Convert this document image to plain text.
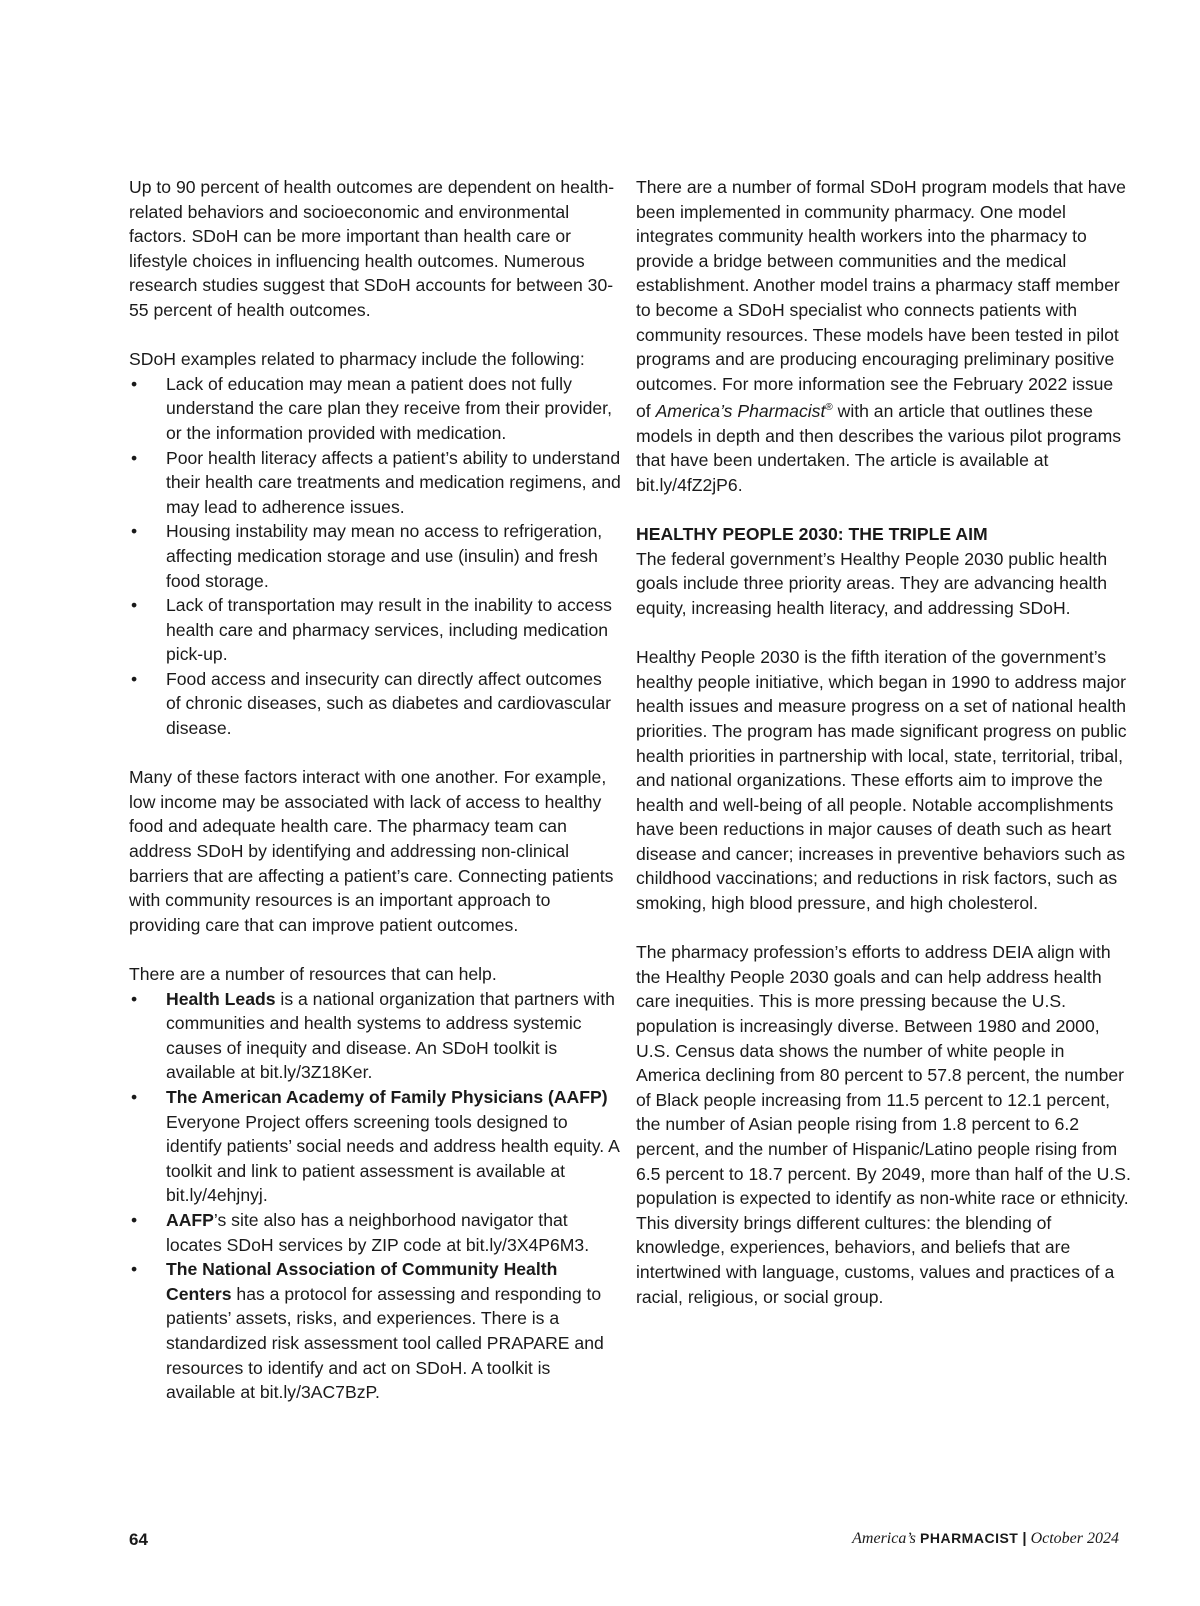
Up to 90 percent of health outcomes are dependent on health-related behaviors and socioeconomic and environmental factors. SDoH can be more important than health care or lifestyle choices in influencing health outcomes. Numerous research studies suggest that SDoH accounts for between 30-55 percent of health outcomes.

SDoH examples related to pharmacy include the following:

• Lack of education may mean a patient does not fully understand the care plan they receive from their provider, or the information provided with medication.
• Poor health literacy affects a patient’s ability to understand their health care treatments and medication regimens, and may lead to adherence issues.
• Housing instability may mean no access to refrigeration, affecting medication storage and use (insulin) and fresh food storage.
• Lack of transportation may result in the inability to access health care and pharmacy services, including medication pick-up.
• Food access and insecurity can directly affect outcomes of chronic diseases, such as diabetes and cardiovascular disease.

Many of these factors interact with one another. For example, low income may be associated with lack of access to healthy food and adequate health care. The pharmacy team can address SDoH by identifying and addressing non-clinical barriers that are affecting a patient’s care. Connecting patients with community resources is an important approach to providing care that can improve patient outcomes.

There are a number of resources that can help.

• Health Leads is a national organization that partners with communities and health systems to address systemic causes of inequity and disease. An SDoH toolkit is available at bit.ly/3Z18Ker.
• The American Academy of Family Physicians (AAFP) Everyone Project offers screening tools designed to identify patients’ social needs and address health equity. A toolkit and link to patient assessment is available at bit.ly/4ehjnyj.
• AAFP’s site also has a neighborhood navigator that locates SDoH services by ZIP code at bit.ly/3X4P6M3.
• The National Association of Community Health Centers has a protocol for assessing and responding to patients’ assets, risks, and experiences. There is a standardized risk assessment tool called PRAPARE and resources to identify and act on SDoH. A toolkit is available at bit.ly/3AC7BzP.

There are a number of formal SDoH program models that have been implemented in community pharmacy. One model integrates community health workers into the pharmacy to provide a bridge between communities and the medical establishment. Another model trains a pharmacy staff member to become a SDoH specialist who connects patients with community resources. These models have been tested in pilot programs and are producing encouraging preliminary positive outcomes. For more information see the February 2022 issue of America’s Pharmacist® with an article that outlines these models in depth and then describes the various pilot programs that have been undertaken. The article is available at bit.ly/4fZ2jP6.

HEALTHY PEOPLE 2030: THE TRIPLE AIM

The federal government’s Healthy People 2030 public health goals include three priority areas. They are advancing health equity, increasing health literacy, and addressing SDoH.

Healthy People 2030 is the fifth iteration of the government’s healthy people initiative, which began in 1990 to address major health issues and measure progress on a set of national health priorities. The program has made significant progress on public health priorities in partnership with local, state, territorial, tribal, and national organizations. These efforts aim to improve the health and well-being of all people. Notable accomplishments have been reductions in major causes of death such as heart disease and cancer; increases in preventive behaviors such as childhood vaccinations; and reductions in risk factors, such as smoking, high blood pressure, and high cholesterol.

The pharmacy profession’s efforts to address DEIA align with the Healthy People 2030 goals and can help address health care inequities. This is more pressing because the U.S. population is increasingly diverse. Between 1980 and 2000, U.S. Census data shows the number of white people in America declining from 80 percent to 57.8 percent, the number of Black people increasing from 11.5 percent to 12.1 percent, the number of Asian people rising from 1.8 percent to 6.2 percent, and the number of Hispanic/Latino people rising from 6.5 percent to 18.7 percent. By 2049, more than half of the U.S. population is expected to identify as non-white race or ethnicity. This diversity brings different cultures: the blending of knowledge, experiences, behaviors, and beliefs that are intertwined with language, customs, values and practices of a racial, religious, or social group.

64	America’s PHARMACIST | October 2024
